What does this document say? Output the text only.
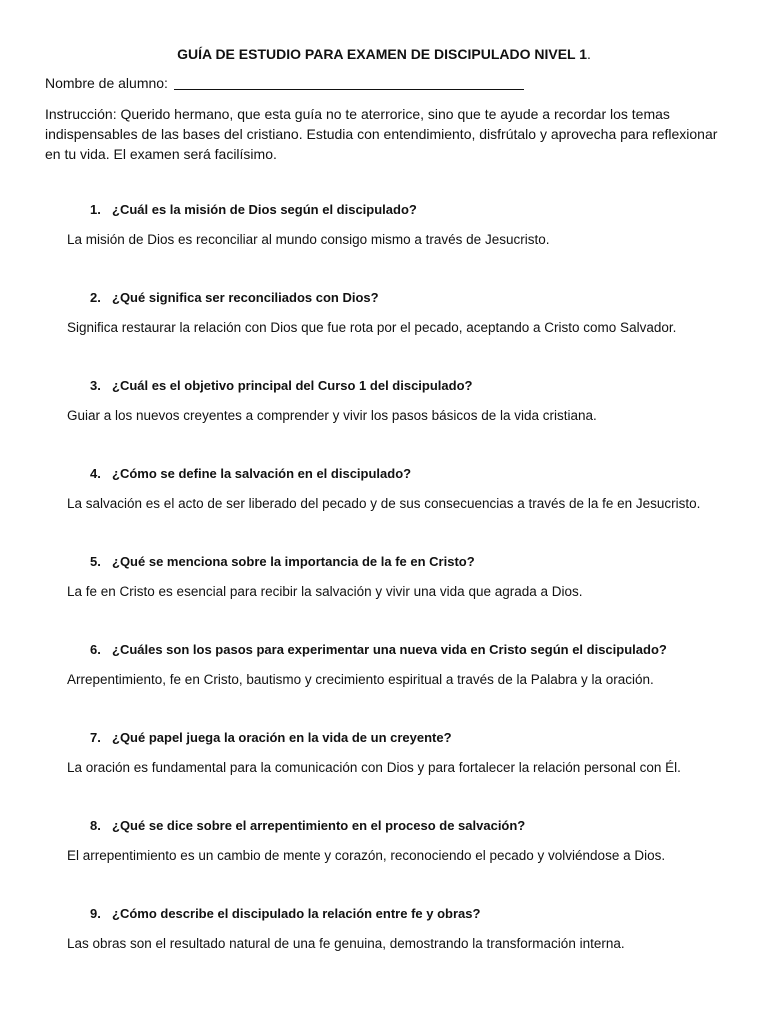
GUÍA DE ESTUDIO PARA EXAMEN DE DISCIPULADO NIVEL 1.
Nombre de alumno:
Instrucción: Querido hermano, que esta guía no te aterrorice, sino que te ayude a recordar los temas indispensables de las bases del cristiano. Estudia con entendimiento, disfrútalo y aprovecha para reflexionar en tu vida. El examen será facilísimo.
1. ¿Cuál es la misión de Dios según el discipulado?
La misión de Dios es reconciliar al mundo consigo mismo a través de Jesucristo.
2. ¿Qué significa ser reconciliados con Dios?
Significa restaurar la relación con Dios que fue rota por el pecado, aceptando a Cristo como Salvador.
3. ¿Cuál es el objetivo principal del Curso 1 del discipulado?
Guiar a los nuevos creyentes a comprender y vivir los pasos básicos de la vida cristiana.
4. ¿Cómo se define la salvación en el discipulado?
La salvación es el acto de ser liberado del pecado y de sus consecuencias a través de la fe en Jesucristo.
5. ¿Qué se menciona sobre la importancia de la fe en Cristo?
La fe en Cristo es esencial para recibir la salvación y vivir una vida que agrada a Dios.
6. ¿Cuáles son los pasos para experimentar una nueva vida en Cristo según el discipulado?
Arrepentimiento, fe en Cristo, bautismo y crecimiento espiritual a través de la Palabra y la oración.
7. ¿Qué papel juega la oración en la vida de un creyente?
La oración es fundamental para la comunicación con Dios y para fortalecer la relación personal con Él.
8. ¿Qué se dice sobre el arrepentimiento en el proceso de salvación?
El arrepentimiento es un cambio de mente y corazón, reconociendo el pecado y volviéndose a Dios.
9. ¿Cómo describe el discipulado la relación entre fe y obras?
Las obras son el resultado natural de una fe genuina, demostrando la transformación interna.
